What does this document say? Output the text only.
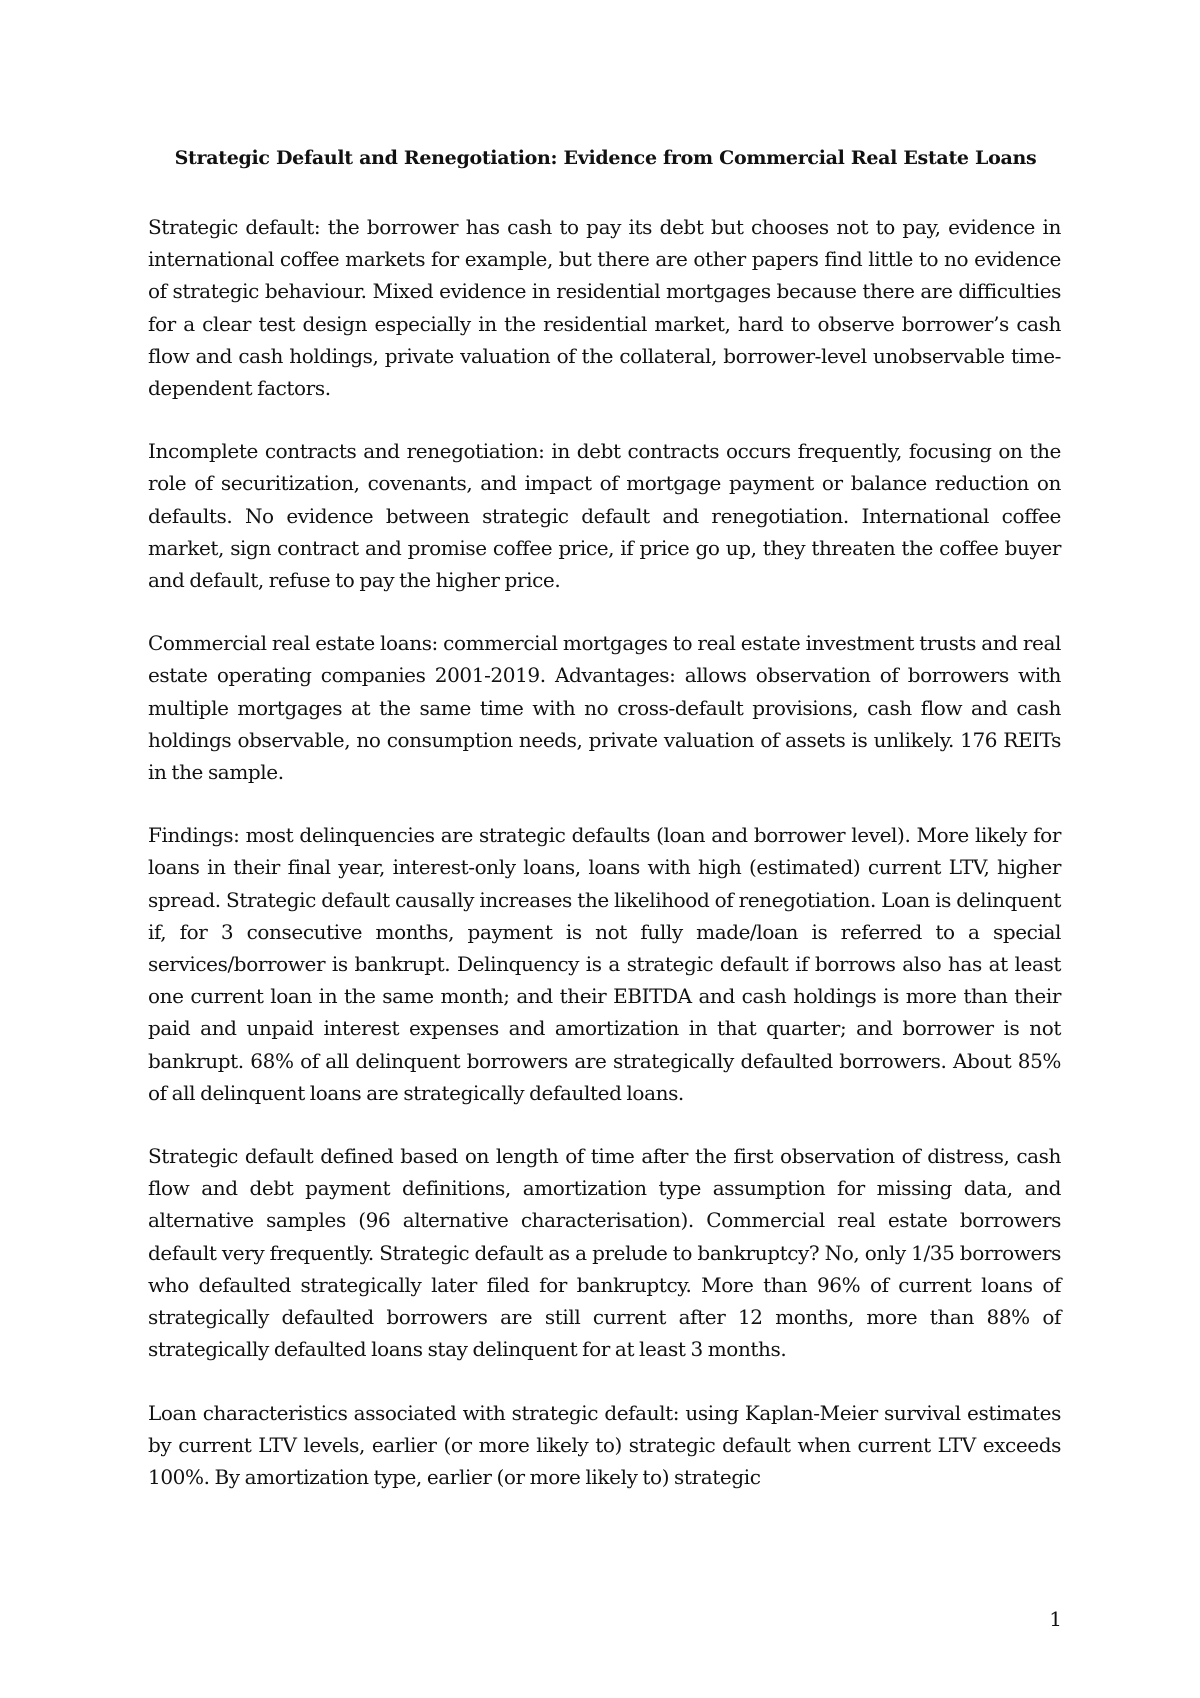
Strategic Default and Renegotiation: Evidence from Commercial Real Estate Loans

Strategic default: the borrower has cash to pay its debt but chooses not to pay, evidence in international coffee markets for example, but there are other papers find little to no evidence of strategic behaviour. Mixed evidence in residential mortgages because there are difficulties for a clear test design especially in the residential market, hard to observe borrower’s cash flow and cash holdings, private valuation of the collateral, borrower-level unobservable time-dependent factors.

Incomplete contracts and renegotiation: in debt contracts occurs frequently, focusing on the role of securitization, covenants, and impact of mortgage payment or balance reduction on defaults. No evidence between strategic default and renegotiation. International coffee market, sign contract and promise coffee price, if price go up, they threaten the coffee buyer and default, refuse to pay the higher price.

Commercial real estate loans: commercial mortgages to real estate investment trusts and real estate operating companies 2001-2019. Advantages: allows observation of borrowers with multiple mortgages at the same time with no cross-default provisions, cash flow and cash holdings observable, no consumption needs, private valuation of assets is unlikely. 176 REITs in the sample.

Findings: most delinquencies are strategic defaults (loan and borrower level). More likely for loans in their final year, interest-only loans, loans with high (estimated) current LTV, higher spread. Strategic default causally increases the likelihood of renegotiation. Loan is delinquent if, for 3 consecutive months, payment is not fully made/loan is referred to a special services/borrower is bankrupt. Delinquency is a strategic default if borrows also has at least one current loan in the same month; and their EBITDA and cash holdings is more than their paid and unpaid interest expenses and amortization in that quarter; and borrower is not bankrupt. 68% of all delinquent borrowers are strategically defaulted borrowers. About 85% of all delinquent loans are strategically defaulted loans.

Strategic default defined based on length of time after the first observation of distress, cash flow and debt payment definitions, amortization type assumption for missing data, and alternative samples (96 alternative characterisation). Commercial real estate borrowers default very frequently. Strategic default as a prelude to bankruptcy? No, only 1/35 borrowers who defaulted strategically later filed for bankruptcy. More than 96% of current loans of strategically defaulted borrowers are still current after 12 months, more than 88% of strategically defaulted loans stay delinquent for at least 3 months.

Loan characteristics associated with strategic default: using Kaplan-Meier survival estimates by current LTV levels, earlier (or more likely to) strategic default when current LTV exceeds 100%. By amortization type, earlier (or more likely to) strategic

1
